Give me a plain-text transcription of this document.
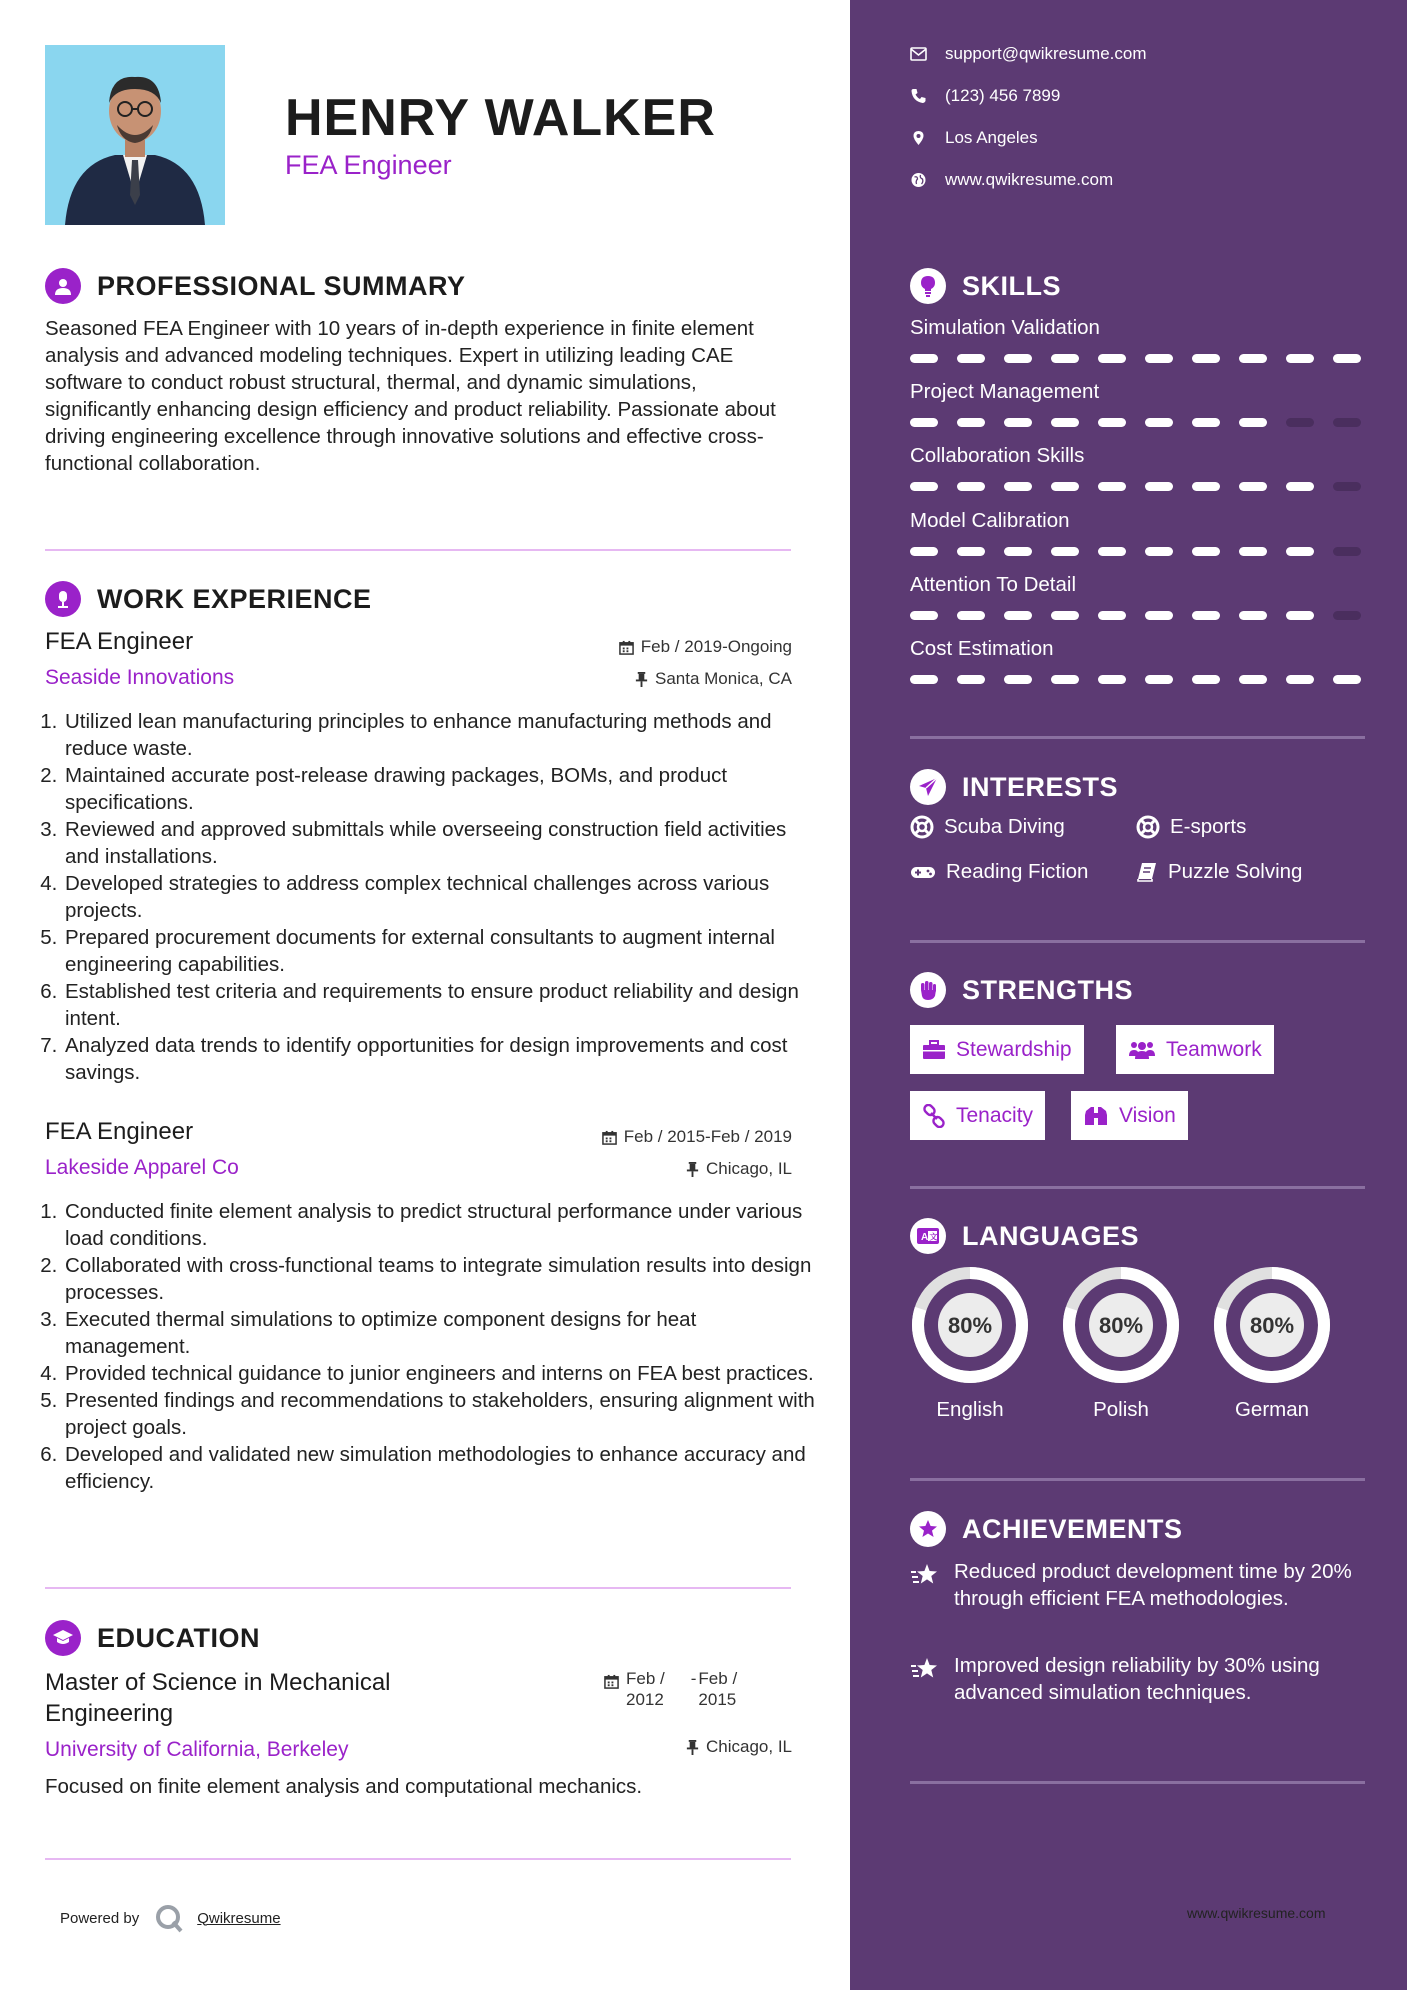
HENRY WALKER
FEA Engineer
PROFESSIONAL SUMMARY
Seasoned FEA Engineer with 10 years of in-depth experience in finite element analysis and advanced modeling techniques. Expert in utilizing leading CAE software to conduct robust structural, thermal, and dynamic simulations, significantly enhancing design efficiency and product reliability. Passionate about driving engineering excellence through innovative solutions and effective cross-functional collaboration.
WORK EXPERIENCE
FEA Engineer
Seaside Innovations
Feb / 2019-Ongoing
Santa Monica, CA
1. Utilized lean manufacturing principles to enhance manufacturing methods and reduce waste.
2. Maintained accurate post-release drawing packages, BOMs, and product specifications.
3. Reviewed and approved submittals while overseeing construction field activities and installations.
4. Developed strategies to address complex technical challenges across various projects.
5. Prepared procurement documents for external consultants to augment internal engineering capabilities.
6. Established test criteria and requirements to ensure product reliability and design intent.
7. Analyzed data trends to identify opportunities for design improvements and cost savings.
FEA Engineer
Lakeside Apparel Co
Feb / 2015-Feb / 2019
Chicago, IL
1. Conducted finite element analysis to predict structural performance under various load conditions.
2. Collaborated with cross-functional teams to integrate simulation results into design processes.
3. Executed thermal simulations to optimize component designs for heat management.
4. Provided technical guidance to junior engineers and interns on FEA best practices.
5. Presented findings and recommendations to stakeholders, ensuring alignment with project goals.
6. Developed and validated new simulation methodologies to enhance accuracy and efficiency.
EDUCATION
Master of Science in Mechanical
Engineering
University of California, Berkeley
Feb /
2012
- Feb /
2015
Chicago, IL
Focused on finite element analysis and computational mechanics.
Powered by	Qwikresume
support@qwikresume.com
(123) 456 7899
Los Angeles
www.qwikresume.com
SKILLS
Simulation Validation
Project Management
Collaboration Skills
Model Calibration
Attention To Detail
Cost Estimation
INTERESTS
Scuba Diving	E-sports
Reading Fiction	Puzzle Solving
STRENGTHS
Stewardship	Teamwork
Tenacity	Vision
A 文 LANGUAGES
80%
English
80%
Polish
80%
German
ACHIEVEMENTS
Reduced product development time by 20% through efficient FEA methodologies.
Improved design reliability by 30% using advanced simulation techniques.
www.qwikresume.com
